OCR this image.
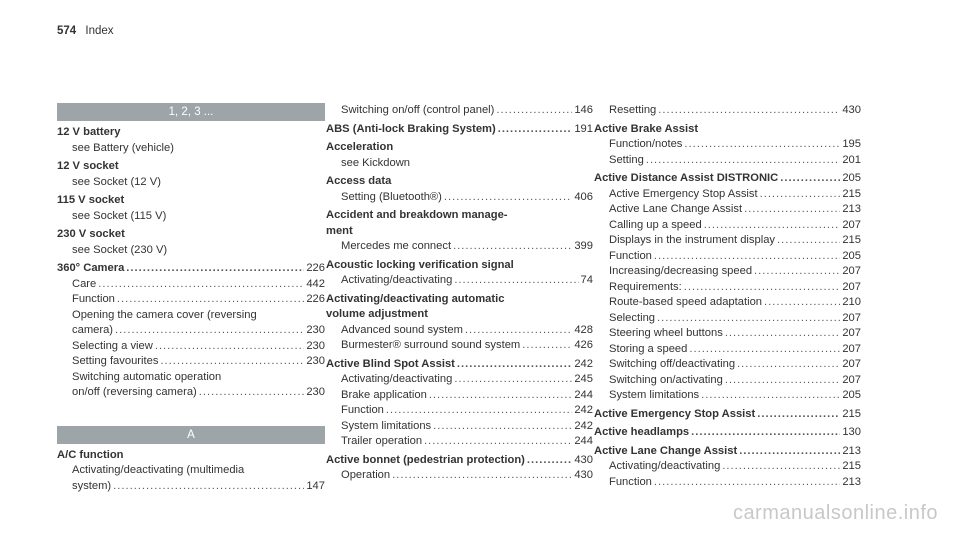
574 Index
1, 2, 3 ...
12 V battery
see Battery (vehicle)
12 V socket
see Socket (12 V)
115 V socket
see Socket (115 V)
230 V socket
see Socket (230 V)
360° Camera .....	226
Care .....	442
Function .....	226
Opening the camera cover (reversing
camera) .....	230
Selecting a view .....	230
Setting favourites .....	230
Switching automatic operation
on/off (reversing camera) .....	230
A
A/C function
Activating/deactivating (multimedia
system) .....	147
Switching on/off (control panel) .....	146
ABS (Anti-lock Braking System) .....	191
Acceleration
see Kickdown
Access data
Setting (Bluetooth®) .....	406
Accident and breakdown manage-
ment
Mercedes me connect .....	399
Acoustic locking verification signal
Activating/deactivating .....	74
Activating/deactivating automatic
volume adjustment
Advanced sound system .....	428
Burmester® surround sound system .....	426
Active Blind Spot Assist .....	242
Activating/deactivating .....	245
Brake application .....	244
Function .....	242
System limitations .....	242
Trailer operation .....	244
Active bonnet (pedestrian protection) .....	430
Operation .....	430
Resetting .....	430
Active Brake Assist
Function/notes .....	195
Setting .....	201
Active Distance Assist DISTRONIC .....	205
Active Emergency Stop Assist .....	215
Active Lane Change Assist .....	213
Calling up a speed .....	207
Displays in the instrument display .....	215
Function .....	205
Increasing/decreasing speed .....	207
Requirements: .....	207
Route-based speed adaptation .....	210
Selecting .....	207
Steering wheel buttons .....	207
Storing a speed .....	207
Switching off/deactivating .....	207
Switching on/activating .....	207
System limitations .....	205
Active Emergency Stop Assist .....	215
Active headlamps .....	130
Active Lane Change Assist .....	213
Activating/deactivating .....	215
Function .....	213
carmanualsonline.info
